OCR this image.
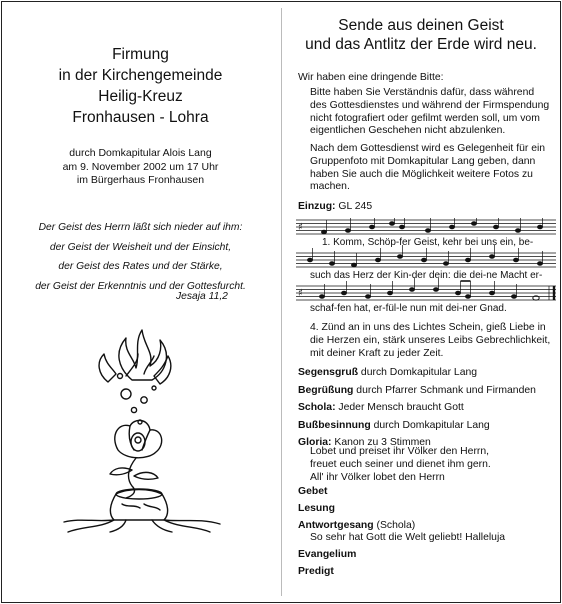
Firmung
in der Kirchengemeinde
Heilig-Kreuz
Fronhausen - Lohra
durch Domkapitular Alois Lang
am 9. November 2002 um 17 Uhr
im Bürgerhaus Fronhausen
Der Geist des Herrn läßt sich nieder auf ihm:
der Geist der Weisheit und der Einsicht,
der Geist des Rates und der Stärke,
der Geist der Erkenntnis und der Gottesfurcht.
Jesaja 11,2
Sende aus deinen Geist
und das Antlitz der Erde wird neu.
Wir haben eine dringende Bitte:
Bitte haben Sie Verständnis dafür, dass während
des Gottesdienstes und während der Firmspendung
nicht fotografiert oder gefilmt werden soll, um vom
eigentlichen Geschehen nicht abzulenken.
Nach dem Gottesdienst wird es Gelegenheit für ein
Gruppenfoto mit Domkapitular Lang geben, dann
haben Sie auch die Möglichkeit weitere Fotos zu
machen.
Einzug: GL 245
♯
♯
1. Komm, Schöp-fer Geist, kehr bei uns ein, be-
such das Herz der Kin-der dein: die dei-ne Macht er-
schaf-fen hat, er-fül-le nun mit dei-ner Gnad.
4. Zünd an in uns des Lichtes Schein, gieß Liebe in
die Herzen ein, stärk unseres Leibs Gebrechlichkeit,
mit deiner Kraft zu jeder Zeit.
Segensgruß durch Domkapitular Lang
Begrüßung durch Pfarrer Schmank und Firmanden
Schola: Jeder Mensch braucht Gott
Bußbesinnung durch Domkapitular Lang
Gloria: Kanon zu 3 Stimmen
Lobet und preiset ihr Völker den Herrn,
freuet euch seiner und dienet ihm gern.
All' ihr Völker lobet den Herrn
Gebet
Lesung
Antwortgesang (Schola)
So sehr hat Gott die Welt geliebt! Halleluja
Evangelium
Predigt
